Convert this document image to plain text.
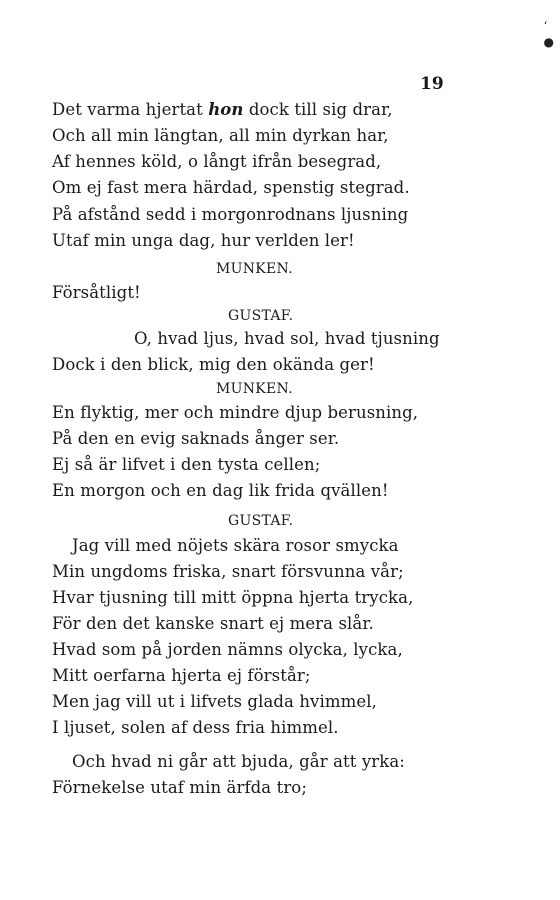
‘

●
19
Det varma hjertat hon dock till sig drar,
Och all min längtan, all min dyrkan har,
Af hennes köld, o långt ifrån besegrad,
Om ej fast mera härdad, spenstig stegrad.
På afstånd sedd i morgonrodnans ljusning
Utaf min unga dag, hur verlden ler!
MUNKEN.
Försåtligt!
GUSTAF.
O, hvad ljus, hvad sol, hvad tjusning
Dock i den blick, mig den okända ger!
MUNKEN.
En flyktig, mer och mindre djup berusning,
På den en evig saknads ånger ser.
Ej så är lifvet i den tysta cellen;
En morgon och en dag lik frida qvällen!
GUSTAF.
Jag vill med nöjets skära rosor smycka
Min ungdoms friska, snart försvunna vår;
Hvar tjusning till mitt öppna hjerta trycka,
För den det kanske snart ej mera slår.
Hvad som på jorden nämns olycka, lycka,
Mitt oerfarna hjerta ej förstår;
Men jag vill ut i lifvets glada hvimmel,
I ljuset, solen af dess fria himmel.
Och hvad ni går att bjuda, går att yrka:
Förnekelse utaf min ärfda tro;
